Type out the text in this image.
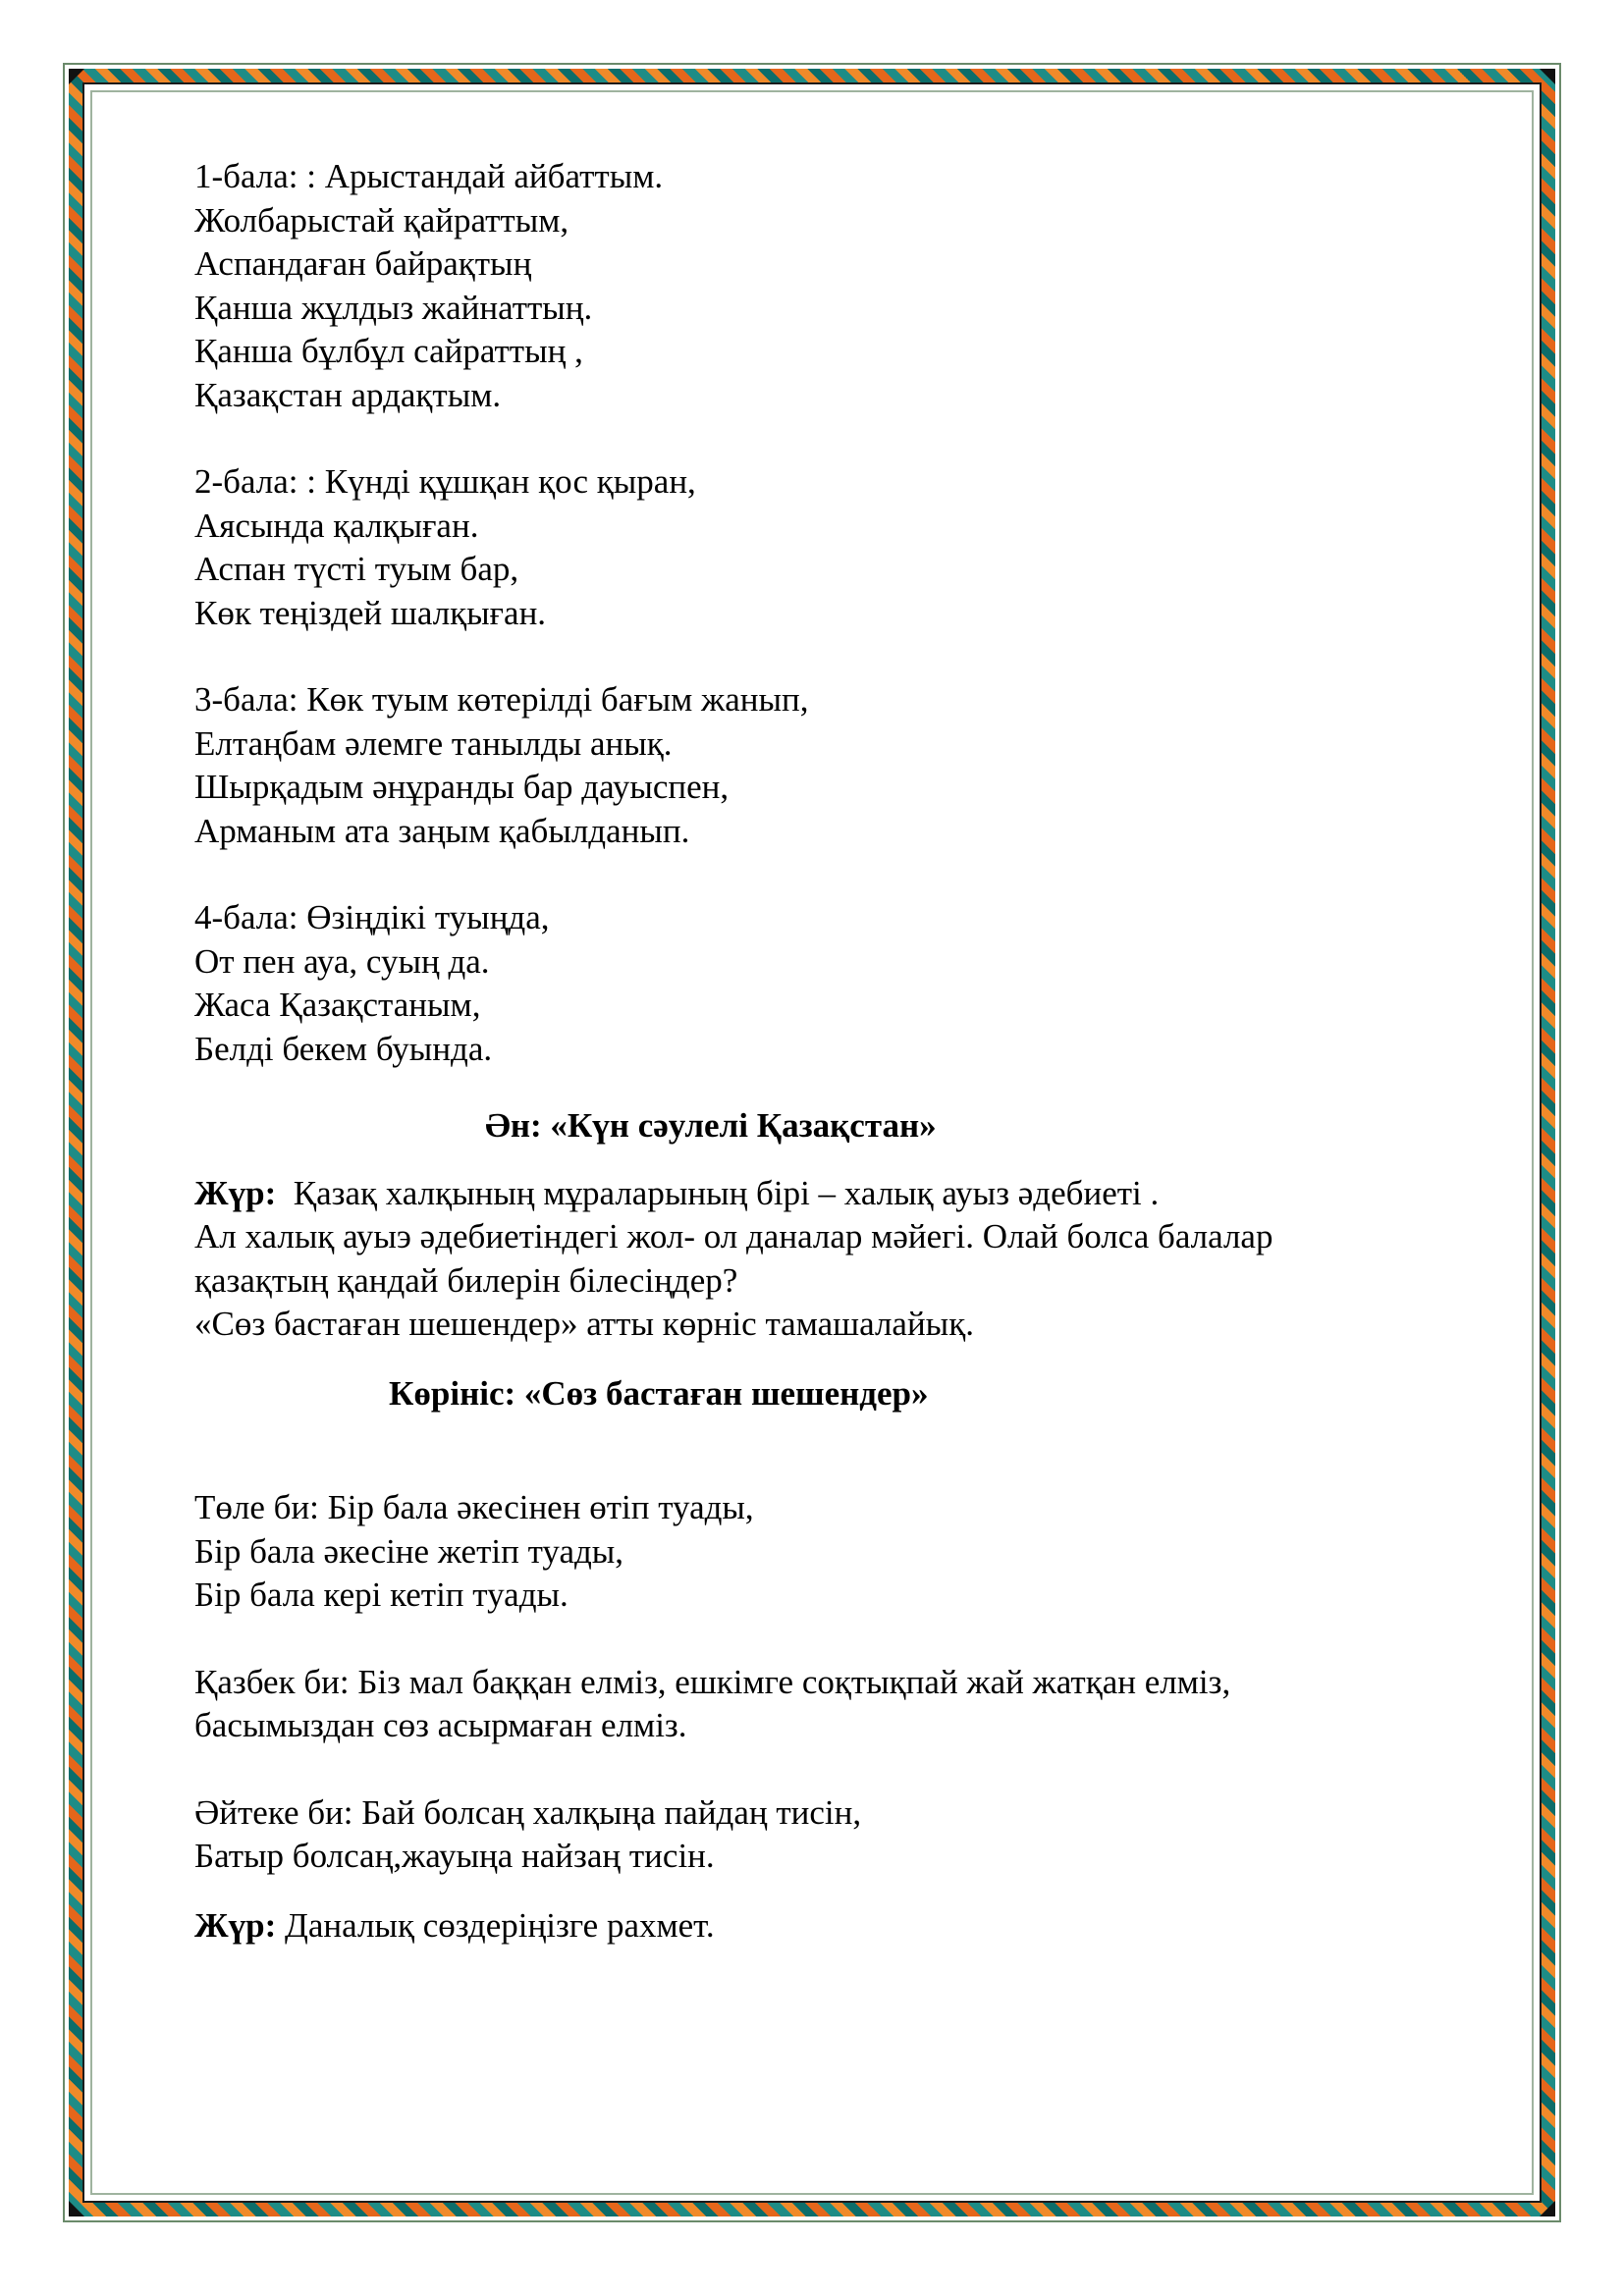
1-бала: : Арыстандай айбаттым.
Жолбарыстай қайраттым,
Аспандаған байрақтың
Қанша жұлдыз жайнаттың.
Қанша бұлбұл сайраттың ,
Қазақстан ардақтым.
2-бала: : Күнді құшқан қос қыран,
Аясында қалқыған.
Аспан түсті туым бар,
Көк теңіздей шалқыған.
3-бала: Көк туым көтерілді бағым жанып,
Елтаңбам әлемге танылды анық.
Шырқадым әнұранды бар дауыспен,
Арманым ата заңым қабылданып.
4-бала: Өзіңдікі туыңда,
От пен ауа, суың да.
Жаса Қазақстаным,
Белді бекем буында.
Ән: «Күн сәулелі Қазақстан»
Жүр: Қазақ халқының мұраларының бірі – халық ауыз әдебиеті .
Ал халық ауыэ әдебиетіндегі жол- ол даналар мәйегі. Олай болса балалар
қазақтың қандай билерін білесіңдер?
«Сөз бастаған шешендер» атты көрніс тамашалайық.
Көрініс: «Сөз бастаған шешендер»
Төле би: Бір бала әкесінен өтіп туады,
Бір бала әкесіне жетіп туады,
Бір бала кері кетіп туады.
Қазбек би: Біз мал баққан елміз, ешкімге соқтықпай жай жатқан елміз,
басымыздан сөз асырмаған елміз.
Әйтеке би: Бай болсаң халқыңа пайдаң тисін,
Батыр болсаң,жауыңа найзаң тисін.
Жүр: Даналық сөздеріңізге рахмет.
